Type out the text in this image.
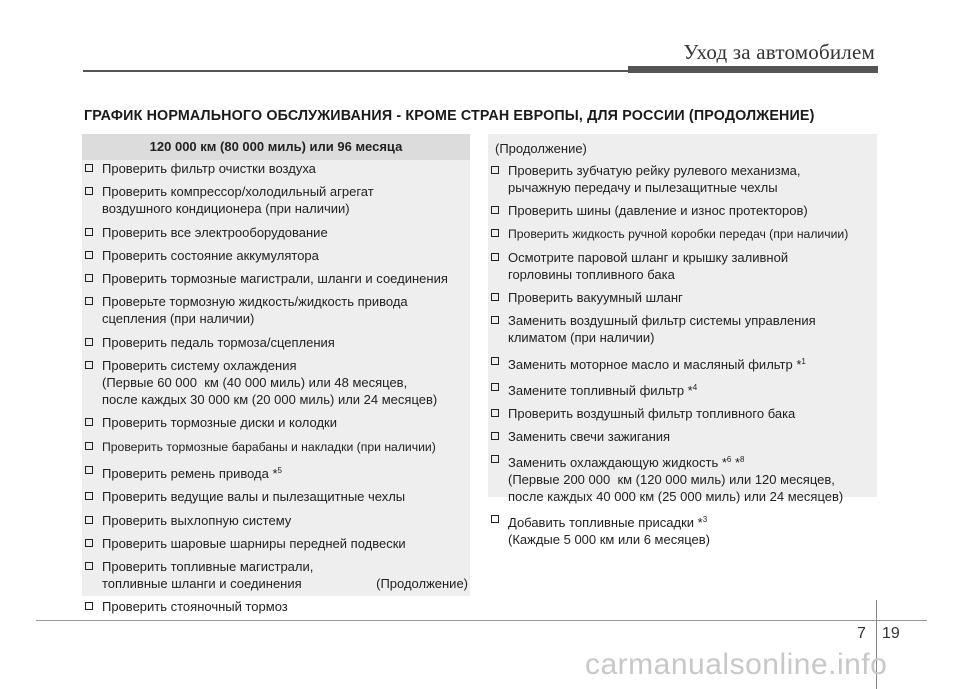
Уход за автомобилем
ГРАФИК НОРМАЛЬНОГО ОБСЛУЖИВАНИЯ - КРОМЕ СТРАН ЕВРОПЫ, ДЛЯ РОССИИ (ПРОДОЛЖЕНИЕ)
120 000 км (80 000 миль) или 96 месяца
Проверить фильтр очистки воздуха
Проверить компрессор/холодильный агрегат
воздушного кондиционера (при наличии)
Проверить все электрооборудование
Проверить состояние аккумулятора
Проверить тормозные магистрали, шланги и соединения
Проверьте тормозную жидкость/жидкость привода
сцепления (при наличии)
Проверить педаль тормоза/сцепления
Проверить систему охлаждения
(Первые 60 000  км (40 000 миль) или 48 месяцев,
после каждых 30 000 км (20 000 миль) или 24 месяцев)
Проверить тормозные диски и колодки
Проверить тормозные барабаны и накладки (при наличии)
Проверить ремень привода *$^5$
Проверить ведущие валы и пылезащитные чехлы
Проверить выхлопную систему
Проверить шаровые шарниры передней подвески
Проверить топливные магистрали,
топливные шланги и соединения
Проверить стояночный тормоз
(Продолжение)
(Продолжение)
Проверить зубчатую рейку рулевого механизма,
рычажную передачу и пылезащитные чехлы
Проверить шины (давление и износ протекторов)
Проверить жидкость ручной коробки передач (при наличии)
Осмотрите паровой шланг и крышку заливной
горловины топливного бака
Проверить вакуумный шланг
Заменить воздушный фильтр системы управления
климатом (при наличии)
Заменить моторное масло и масляный фильтр *$^1$
Замените топливный фильтр *$^4$
Проверить воздушный фильтр топливного бака
Заменить свечи зажигания
Заменить охлаждающую жидкость *$^6$ *$^8$
(Первые 200 000  км (120 000 миль) или 120 месяцев,
после каждых 40 000 км (25 000 миль) или 24 месяцев)
Добавить топливные присадки *$^3$
(Каждые 5 000 км или 6 месяцев)
7 19
carmanualsonline.info
